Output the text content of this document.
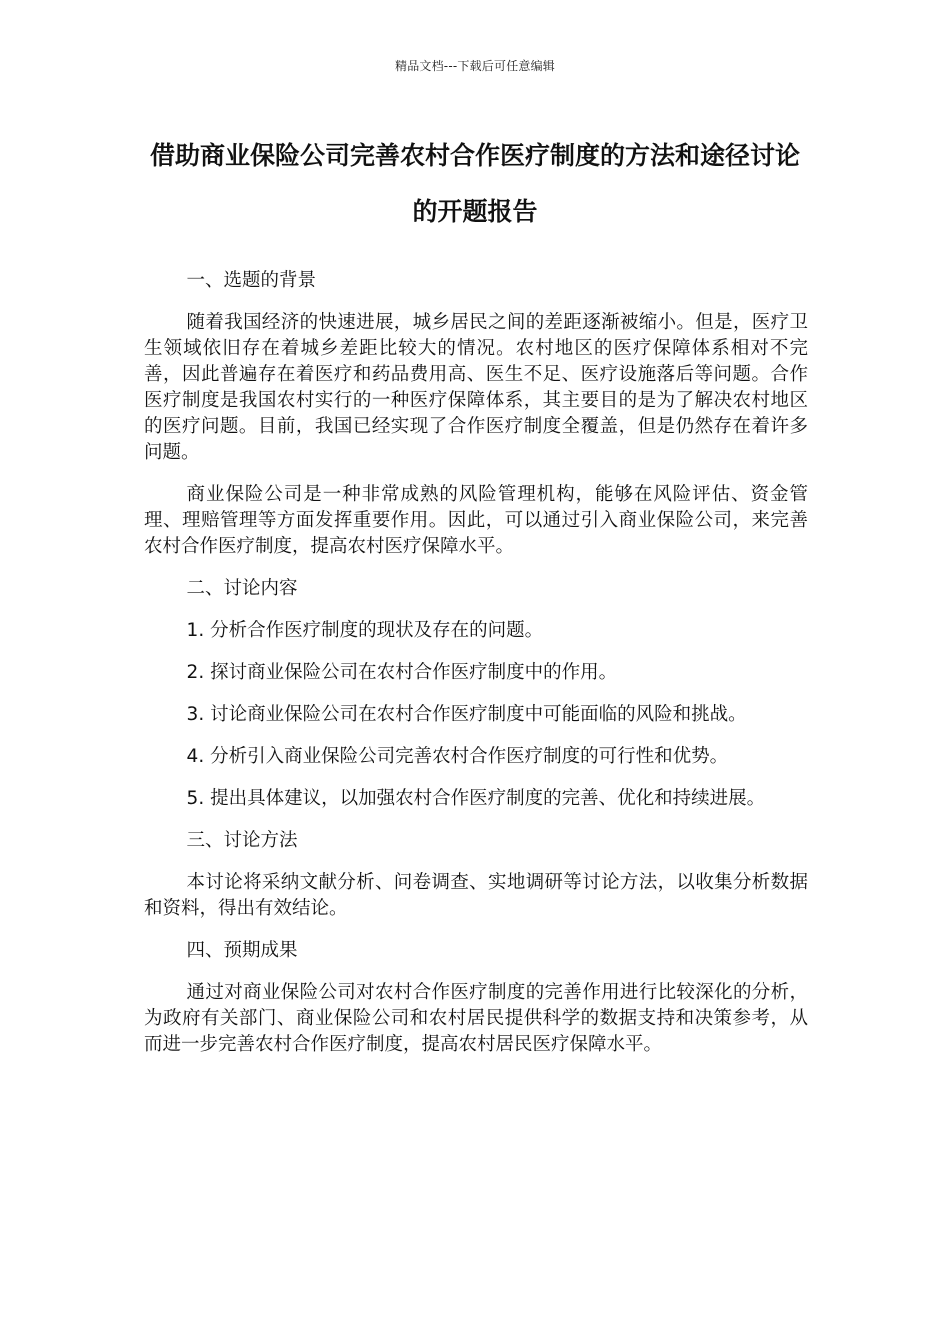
精品文档---下载后可任意编辑
借助商业保险公司完善农村合作医疗制度的方法和途径讨论的开题报告

一、选题的背景

随着我国经济的快速进展，城乡居民之间的差距逐渐被缩小。但是，医疗卫生领域依旧存在着城乡差距比较大的情况。农村地区的医疗保障体系相对不完善，因此普遍存在着医疗和药品费用高、医生不足、医疗设施落后等问题。合作医疗制度是我国农村实行的一种医疗保障体系，其主要目的是为了解决农村地区的医疗问题。目前，我国已经实现了合作医疗制度全覆盖，但是仍然存在着许多问题。

商业保险公司是一种非常成熟的风险管理机构，能够在风险评估、资金管理、理赔管理等方面发挥重要作用。因此，可以通过引入商业保险公司，来完善农村合作医疗制度，提高农村医疗保障水平。

二、讨论内容

1. 分析合作医疗制度的现状及存在的问题。

2. 探讨商业保险公司在农村合作医疗制度中的作用。

3. 讨论商业保险公司在农村合作医疗制度中可能面临的风险和挑战。

4. 分析引入商业保险公司完善农村合作医疗制度的可行性和优势。

5. 提出具体建议，以加强农村合作医疗制度的完善、优化和持续进展。

三、讨论方法

本讨论将采纳文献分析、问卷调查、实地调研等讨论方法，以收集分析数据和资料，得出有效结论。

四、预期成果

通过对商业保险公司对农村合作医疗制度的完善作用进行比较深化的分析，为政府有关部门、商业保险公司和农村居民提供科学的数据支持和决策参考，从而进一步完善农村合作医疗制度，提高农村居民医疗保障水平。
